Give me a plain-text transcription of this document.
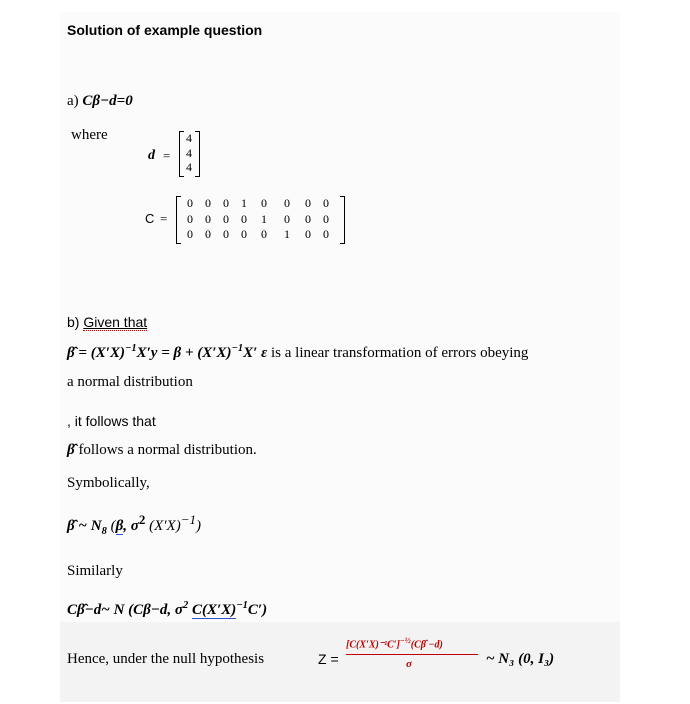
Solution of example question
a) Cβ−d=0
where
d =
4
4
4
C =
0	0	0	1	0	0	0	0
0	0	0	0	1	0	0	0
0	0	0	0	0	1	0	0
b) Given that
β̂ = $(X'X)^{-1}X'y = \beta + (X'X)^{-1}X'$ ε is a linear transformation of errors obeying
a normal distribution
, it follows that
β̂ follows a normal distribution.
Symbolically,
β̂ ~ $N_8$ (β, $\sigma^2$ $(X'X)^{-1}$)
Similarly
Cβ̂−d~ N (Cβ−d, $\sigma^2$ $C(X'X)^{-1}C'$)
Hence, under the null hypothesis	Z =
$[C(X'X)^{-1}C']^{-\frac{1}{2}}(C\betâ -d)$
σ	~ N₃ (0, I₃)
